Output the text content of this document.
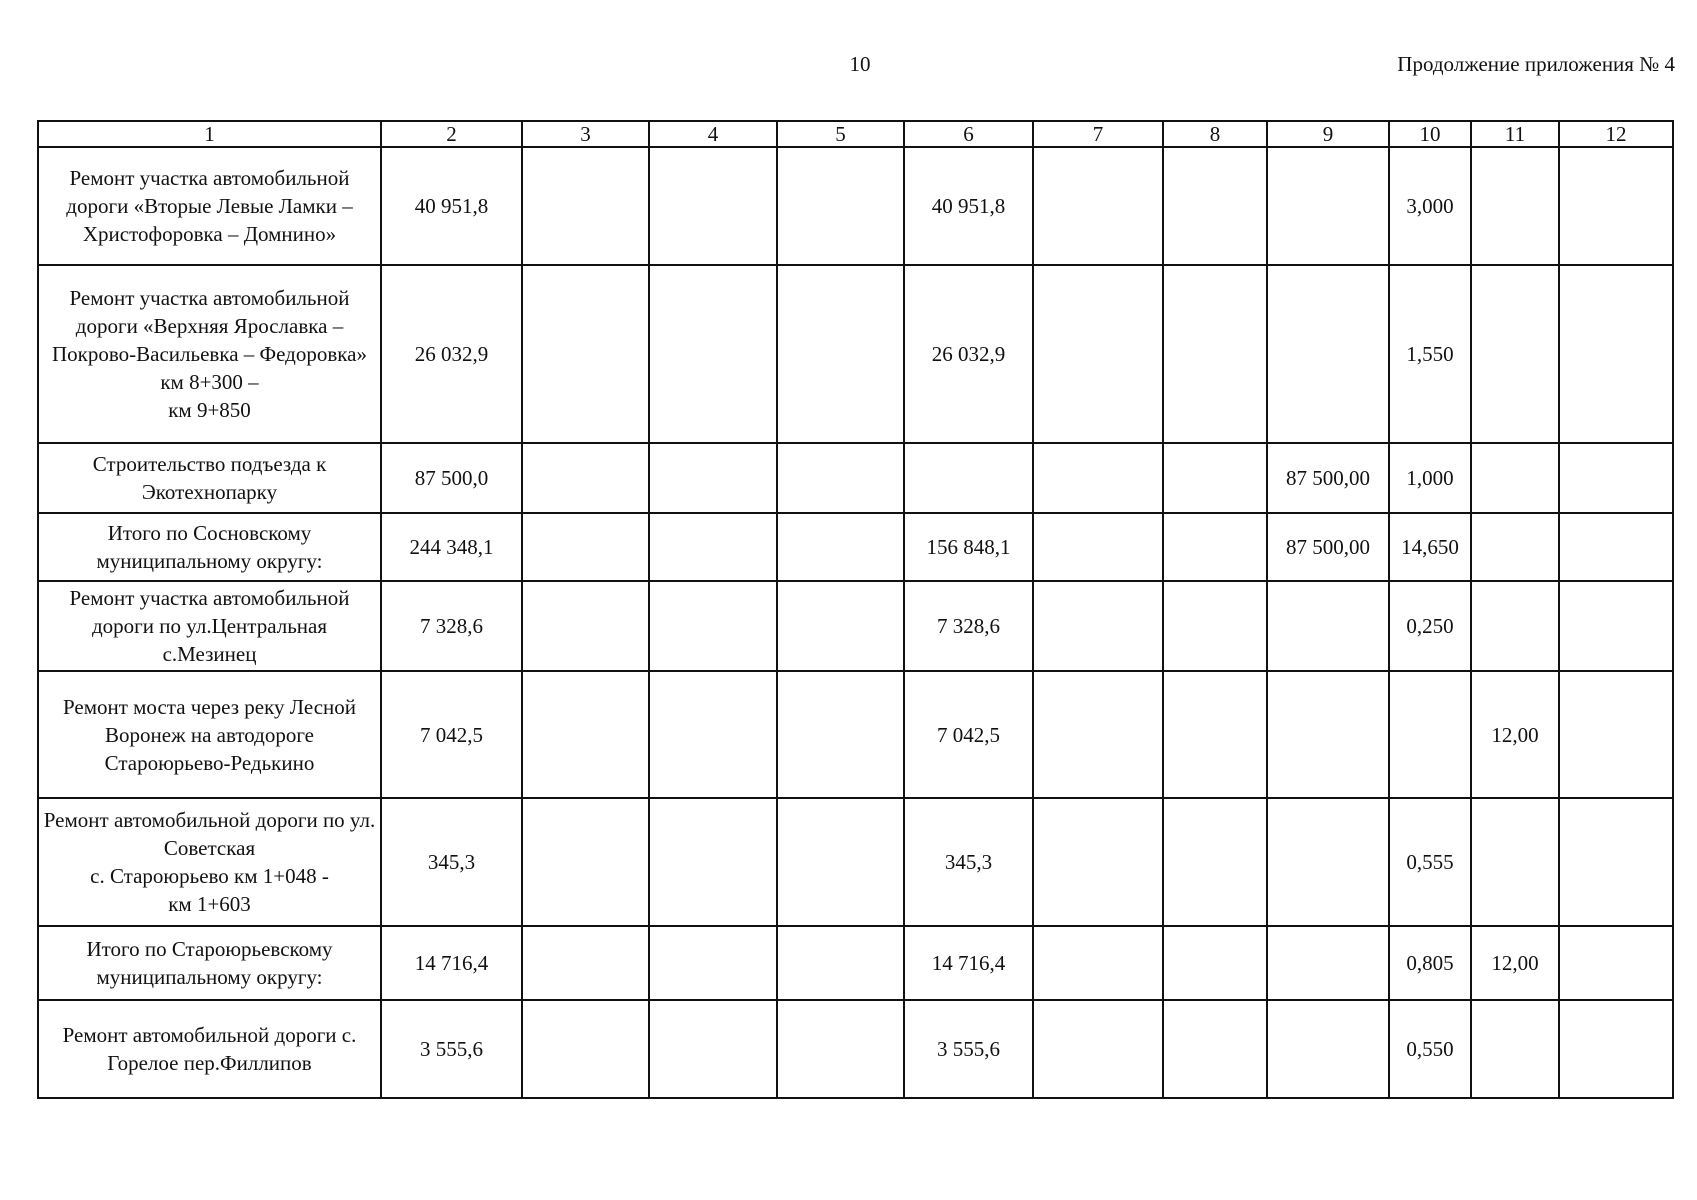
10	Продолжение приложения № 4
1	2	3	4	5	6	7	8	9	10	11	12
Ремонт участка автомобильной дороги «Вторые Левые Ламки – Христофоровка – Домнино»	40 951,8				40 951,8				3,000		
Ремонт участка автомобильной дороги «Верхняя Ярославка – Покрово-Васильевка – Федоровка» км 8+300 –
км 9+850	26 032,9				26 032,9				1,550		
Строительство подъезда к Экотехнопарку	87 500,0							87 500,00	1,000		
Итого по Сосновскому муниципальному округу:	244 348,1				156 848,1			87 500,00	14,650		
Ремонт участка автомобильной дороги по ул.Центральная с.Мезинец	7 328,6				7 328,6				0,250		
Ремонт моста через реку Лесной Воронеж на автодороге Староюрьево-Редькино	7 042,5				7 042,5					12,00	
Ремонт автомобильной дороги по ул. Советская
с. Староюрьево км 1+048 -
км 1+603	345,3				345,3				0,555		
Итого по Староюрьевскому муниципальному округу:	14 716,4				14 716,4				0,805	12,00	
Ремонт автомобильной дороги с. Горелое пер.Филлипов	3 555,6				3 555,6				0,550		
